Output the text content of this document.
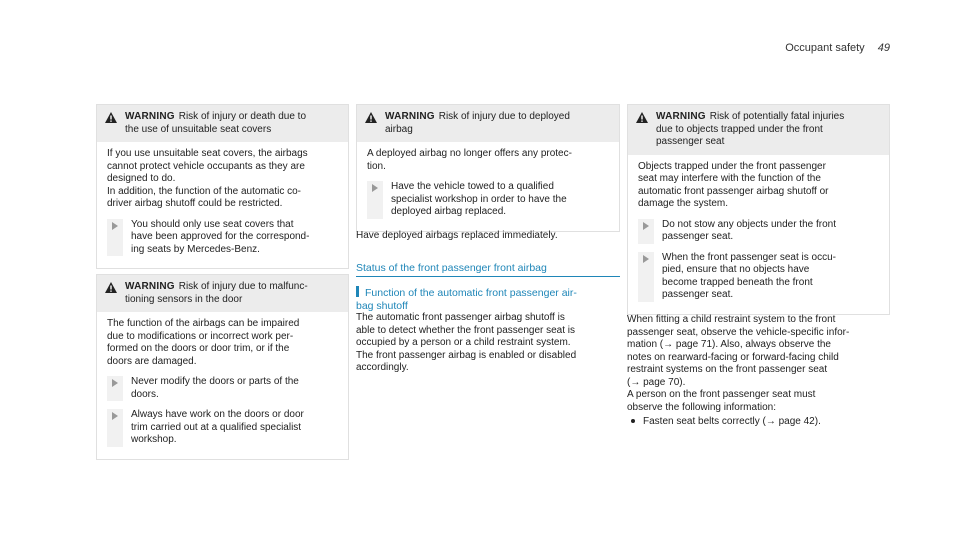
Occupant safety 49
WARNING Risk of injury or death due to
the use of unsuitable seat covers
If you use unsuitable seat covers, the airbags
cannot protect vehicle occupants as they are
designed to do.
In addition, the function of the automatic co-
driver airbag shutoff could be restricted.
You should only use seat covers that
have been approved for the correspond-
ing seats by Mercedes-Benz.
WARNING Risk of injury due to malfunc-
tioning sensors in the door
The function of the airbags can be impaired
due to modifications or incorrect work per-
formed on the doors or door trim, or if the
doors are damaged.
Never modify the doors or parts of the
doors.
Always have work on the doors or door
trim carried out at a qualified specialist
workshop.
WARNING Risk of injury due to deployed
airbag
A deployed airbag no longer offers any protec-
tion.
Have the vehicle towed to a qualified
specialist workshop in order to have the
deployed airbag replaced.
Have deployed airbags replaced immediately.
Status of the front passenger front airbag
Function of the automatic front passenger air-
bag shutoff
The automatic front passenger airbag shutoff is
able to detect whether the front passenger seat is
occupied by a person or a child restraint system.
The front passenger airbag is enabled or disabled
accordingly.
WARNING Risk of potentially fatal injuries
due to objects trapped under the front
passenger seat
Objects trapped under the front passenger
seat may interfere with the function of the
automatic front passenger airbag shutoff or
damage the system.
Do not stow any objects under the front
passenger seat.
When the front passenger seat is occu-
pied, ensure that no objects have
become trapped beneath the front
passenger seat.
When fitting a child restraint system to the front
passenger seat, observe the vehicle-specific infor-
mation (→ page 71). Also, always observe the
notes on rearward-facing or forward-facing child
restraint systems on the front passenger seat
(→ page 70).
A person on the front passenger seat must
observe the following information:
Fasten seat belts correctly (→ page 42).
